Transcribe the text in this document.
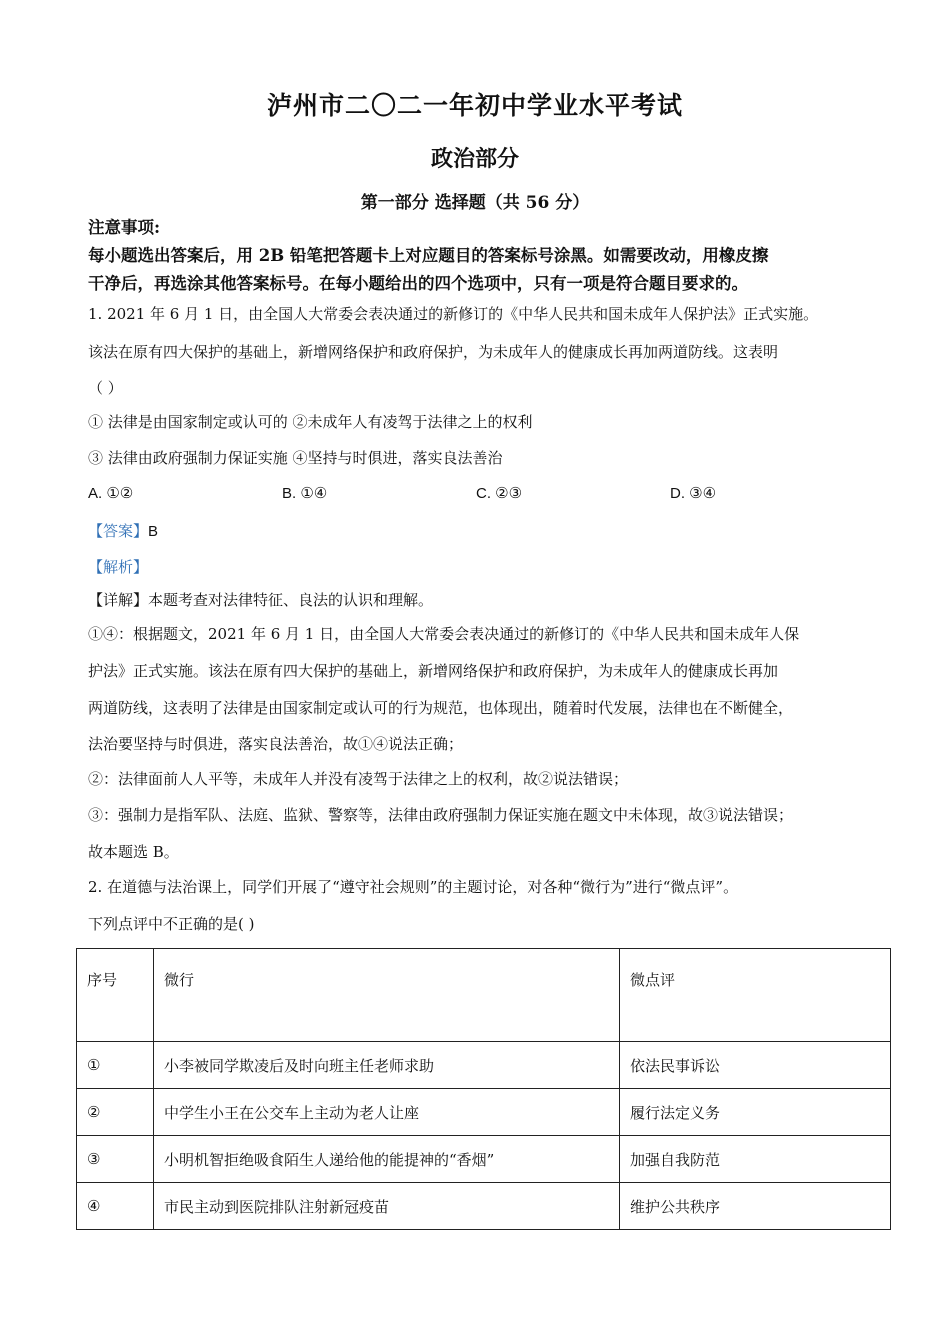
泸州市二〇二一年初中学业水平考试
政治部分
第一部分 选择题（共 56 分）
注意事项:
每小题选出答案后，用 2B 铅笔把答题卡上对应题目的答案标号涂黑。如需要改动，用橡皮擦
干净后，再选涂其他答案标号。在每小题给出的四个选项中，只有一项是符合题目要求的。
1. 2021 年 6 月 1 日，由全国人大常委会表决通过的新修订的《中华人民共和国未成年人保护法》正式实施。
该法在原有四大保护的基础上，新增网络保护和政府保护，为未成年人的健康成长再加两道防线。这表明
（ ）
① 法律是由国家制定或认可的 ②未成年人有凌驾于法律之上的权利
③ 法律由政府强制力保证实施 ④坚持与时俱进，落实良法善治
A. ①②	B. ①④	C. ②③	D. ③④
【答案】B
【解析】
【详解】本题考查对法律特征、良法的认识和理解。
①④：根据题文，2021 年 6 月 1 日，由全国人大常委会表决通过的新修订的《中华人民共和国未成年人保
护法》正式实施。该法在原有四大保护的基础上，新增网络保护和政府保护，为未成年人的健康成长再加
两道防线，这表明了法律是由国家制定或认可的行为规范，也体现出，随着时代发展，法律也在不断健全，
法治要坚持与时俱进，落实良法善治，故①④说法正确；
②：法律面前人人平等，未成年人并没有凌驾于法律之上的权利，故②说法错误；
③：强制力是指军队、法庭、监狱、警察等，法律由政府强制力保证实施在题文中未体现，故③说法错误；
故本题选 B。
2. 在道德与法治课上，同学们开展了“遵守社会规则”的主题讨论，对各种“微行为”进行“微点评”。
下列点评中不正确的是( )
序号	微行	微点评
①	小李被同学欺凌后及时向班主任老师求助	依法民事诉讼
②	中学生小王在公交车上主动为老人让座	履行法定义务
③	小明机智拒绝吸食陌生人递给他的能提神的“香烟”	加强自我防范
④	市民主动到医院排队注射新冠疫苗	维护公共秩序
